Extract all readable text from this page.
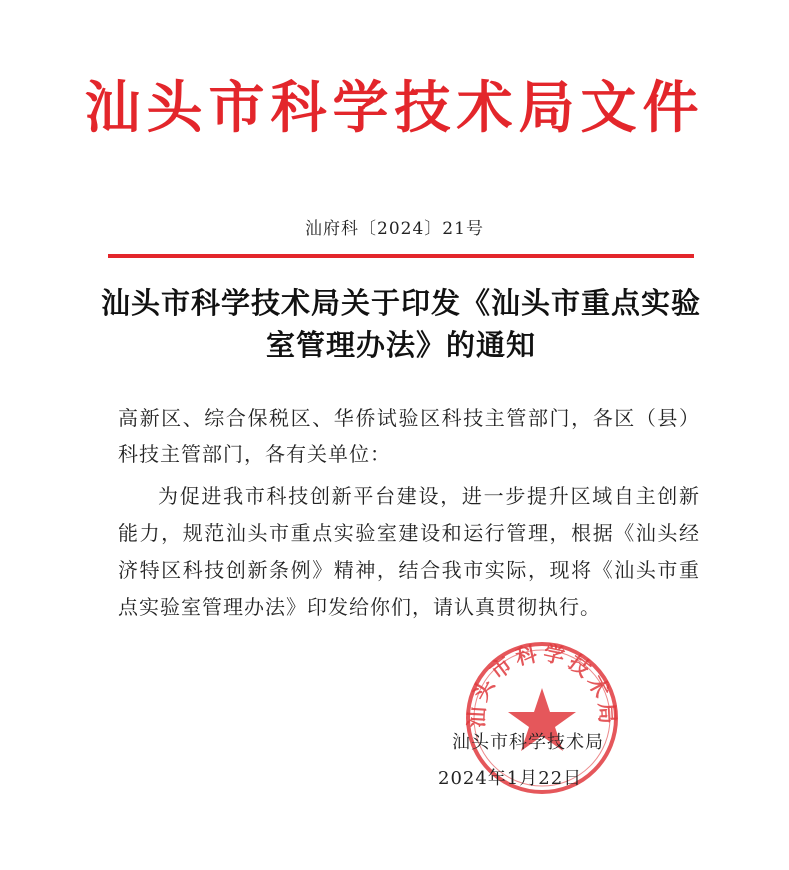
汕头市科学技术局文件
汕府科〔2024〕21号
汕头市科学技术局关于印发《汕头市重点实验室管理办法》的通知
高新区、综合保税区、华侨试验区科技主管部门，各区（县）科技主管部门，各有关单位：
为促进我市科技创新平台建设，进一步提升区域自主创新能力，规范汕头市重点实验室建设和运行管理，根据《汕头经济特区科技创新条例》精神，结合我市实际，现将《汕头市重点实验室管理办法》印发给你们，请认真贯彻执行。
汕头市科学技术局
汕头市科学技术局
2024年1月22日
